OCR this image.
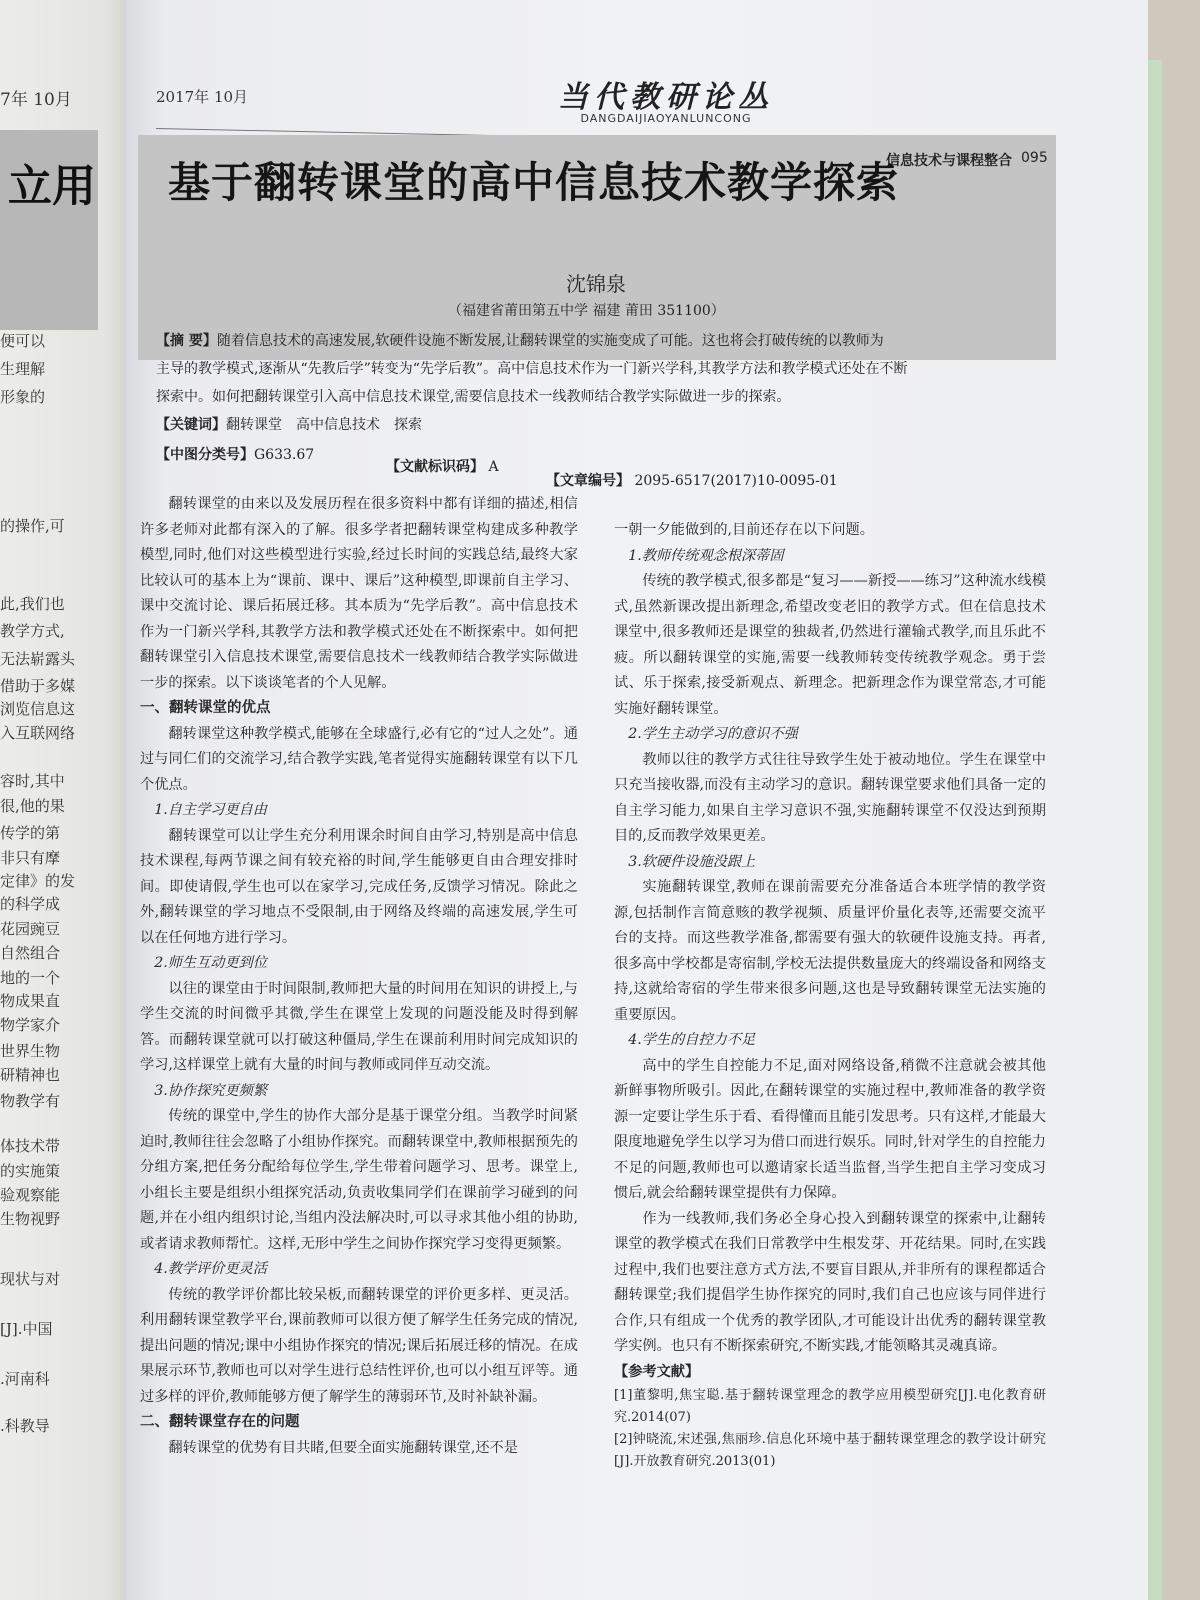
7年 10月
立用
便可以
生理解
形象的
的操作,可
此,我们也
教学方式,
无法崭露头
借助于多媒
浏览信息这
入互联网络
容时,其中
很,他的果
传学的第
非只有摩
定律》的发
的科学成
花园豌豆
自然组合
地的一个
物成果直
物学家介
世界生物
研精神也
物教学有
体技术带
的实施策
验观察能
生物视野
现状与对
[J].中国
.河南科
.科教导
2017年 10月	当代教研论丛
DANGDAIJIAOYANLUNCONG
信息技术与课程整合 095
基于翻转课堂的高中信息技术教学探索
沈锦泉
（福建省莆田第五中学 福建 莆田 351100）
【摘 要】随着信息技术的高速发展,软硬件设施不断发展,让翻转课堂的实施变成了可能。这也将会打破传统的以教师为
主导的教学模式,逐渐从“先教后学”转变为“先学后教”。高中信息技术作为一门新兴学科,其教学方法和教学模式还处在不断
探索中。如何把翻转课堂引入高中信息技术课堂,需要信息技术一线教师结合教学实际做进一步的探索。
【关键词】翻转课堂　高中信息技术　探索
【中图分类号】G633.67
【文献标识码】 A
【文章编号】 2095-6517(2017)10-0095-01

翻转课堂的由来以及发展历程在很多资料中都有详细的描述,相信许多老师对此都有深入的了解。很多学者把翻转课堂构建成多种教学模型,同时,他们对这些模型进行实验,经过长时间的实践总结,最终大家比较认可的基本上为“课前、课中、课后”这种模型,即课前自主学习、课中交流讨论、课后拓展迁移。其本质为“先学后教”。高中信息技术作为一门新兴学科,其教学方法和教学模式还处在不断探索中。如何把翻转课堂引入信息技术课堂,需要信息技术一线教师结合教学实际做进一步的探索。以下谈谈笔者的个人见解。

一、翻转课堂的优点

翻转课堂这种教学模式,能够在全球盛行,必有它的“过人之处”。通过与同仁们的交流学习,结合教学实践,笔者觉得实施翻转课堂有以下几个优点。

1.自主学习更自由

翻转课堂可以让学生充分利用课余时间自由学习,特别是高中信息技术课程,每两节课之间有较充裕的时间,学生能够更自由合理安排时间。即使请假,学生也可以在家学习,完成任务,反馈学习情况。除此之外,翻转课堂的学习地点不受限制,由于网络及终端的高速发展,学生可以在任何地方进行学习。

2.师生互动更到位

以往的课堂由于时间限制,教师把大量的时间用在知识的讲授上,与学生交流的时间微乎其微,学生在课堂上发现的问题没能及时得到解答。而翻转课堂就可以打破这种僵局,学生在课前利用时间完成知识的学习,这样课堂上就有大量的时间与教师或同伴互动交流。

3.协作探究更频繁

传统的课堂中,学生的协作大部分是基于课堂分组。当教学时间紧迫时,教师往往会忽略了小组协作探究。而翻转课堂中,教师根据预先的分组方案,把任务分配给每位学生,学生带着问题学习、思考。课堂上,小组长主要是组织小组探究活动,负责收集同学们在课前学习碰到的问题,并在小组内组织讨论,当组内没法解决时,可以寻求其他小组的协助,或者请求教师帮忙。这样,无形中学生之间协作探究学习变得更频繁。

4.教学评价更灵活

传统的教学评价都比较呆板,而翻转课堂的评价更多样、更灵活。利用翻转课堂教学平台,课前教师可以很方便了解学生任务完成的情况,提出问题的情况;课中小组协作探究的情况;课后拓展迁移的情况。在成果展示环节,教师也可以对学生进行总结性评价,也可以小组互评等。通过多样的评价,教师能够方便了解学生的薄弱环节,及时补缺补漏。

二、翻转课堂存在的问题

翻转课堂的优势有目共睹,但要全面实施翻转课堂,还不是

一朝一夕能做到的,目前还存在以下问题。

1.教师传统观念根深蒂固

传统的教学模式,很多都是“复习——新授——练习”这种流水线模式,虽然新课改提出新理念,希望改变老旧的教学方式。但在信息技术课堂中,很多教师还是课堂的独裁者,仍然进行灌输式教学,而且乐此不疲。所以翻转课堂的实施,需要一线教师转变传统教学观念。勇于尝试、乐于探索,接受新观点、新理念。把新理念作为课堂常态,才可能实施好翻转课堂。

2.学生主动学习的意识不强

教师以往的教学方式往往导致学生处于被动地位。学生在课堂中只充当接收器,而没有主动学习的意识。翻转课堂要求他们具备一定的自主学习能力,如果自主学习意识不强,实施翻转课堂不仅没达到预期目的,反而教学效果更差。

3.软硬件设施没跟上

实施翻转课堂,教师在课前需要充分准备适合本班学情的教学资源,包括制作言简意赅的教学视频、质量评价量化表等,还需要交流平台的支持。而这些教学准备,都需要有强大的软硬件设施支持。再者,很多高中学校都是寄宿制,学校无法提供数量庞大的终端设备和网络支持,这就给寄宿的学生带来很多问题,这也是导致翻转课堂无法实施的重要原因。

4.学生的自控力不足

高中的学生自控能力不足,面对网络设备,稍微不注意就会被其他新鲜事物所吸引。因此,在翻转课堂的实施过程中,教师准备的教学资源一定要让学生乐于看、看得懂而且能引发思考。只有这样,才能最大限度地避免学生以学习为借口而进行娱乐。同时,针对学生的自控能力不足的问题,教师也可以邀请家长适当监督,当学生把自主学习变成习惯后,就会给翻转课堂提供有力保障。

作为一线教师,我们务必全身心投入到翻转课堂的探索中,让翻转课堂的教学模式在我们日常教学中生根发芽、开花结果。同时,在实践过程中,我们也要注意方式方法,不要盲目跟从,并非所有的课程都适合翻转课堂;我们提倡学生协作探究的同时,我们自己也应该与同伴进行合作,只有组成一个优秀的教学团队,才可能设计出优秀的翻转课堂教学实例。也只有不断探索研究,不断实践,才能领略其灵魂真谛。

【参考文献】

[1]董黎明,焦宝聪.基于翻转课堂理念的教学应用模型研究[J].电化教育研究.2014(07)

[2]钟晓流,宋述强,焦丽珍.信息化环境中基于翻转课堂理念的教学设计研究[J].开放教育研究.2013(01)
